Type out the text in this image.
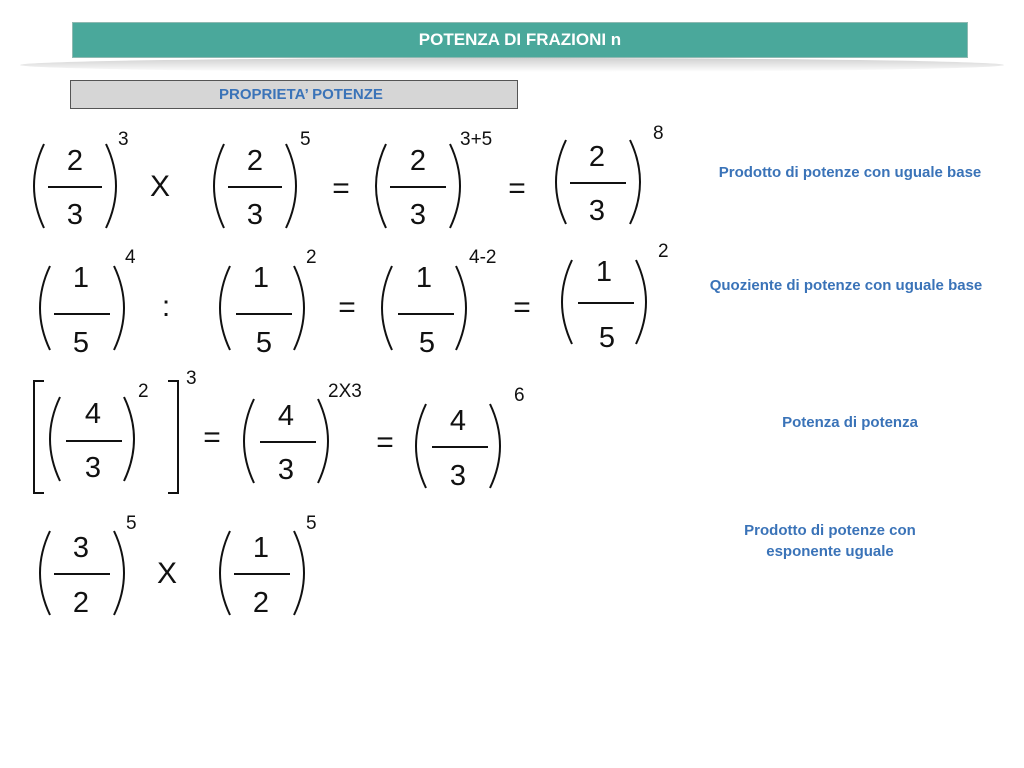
POTENZA DI FRAZIONI n
PROPRIETA’ POTENZE
2
3
3
X
2
3
5
=
2
3
3+5
=
2
3
8
Prodotto di potenze con uguale base
1
5
4
:
1
5
2
=
1
5
4-2
=
1
5
2
Quoziente di potenze con uguale base
4
3
2
3
=
4
3
2X3
=
4
3
6
Potenza di potenza
3
2
5
X
1
2
5	Prodotto di potenze con
esponente uguale
